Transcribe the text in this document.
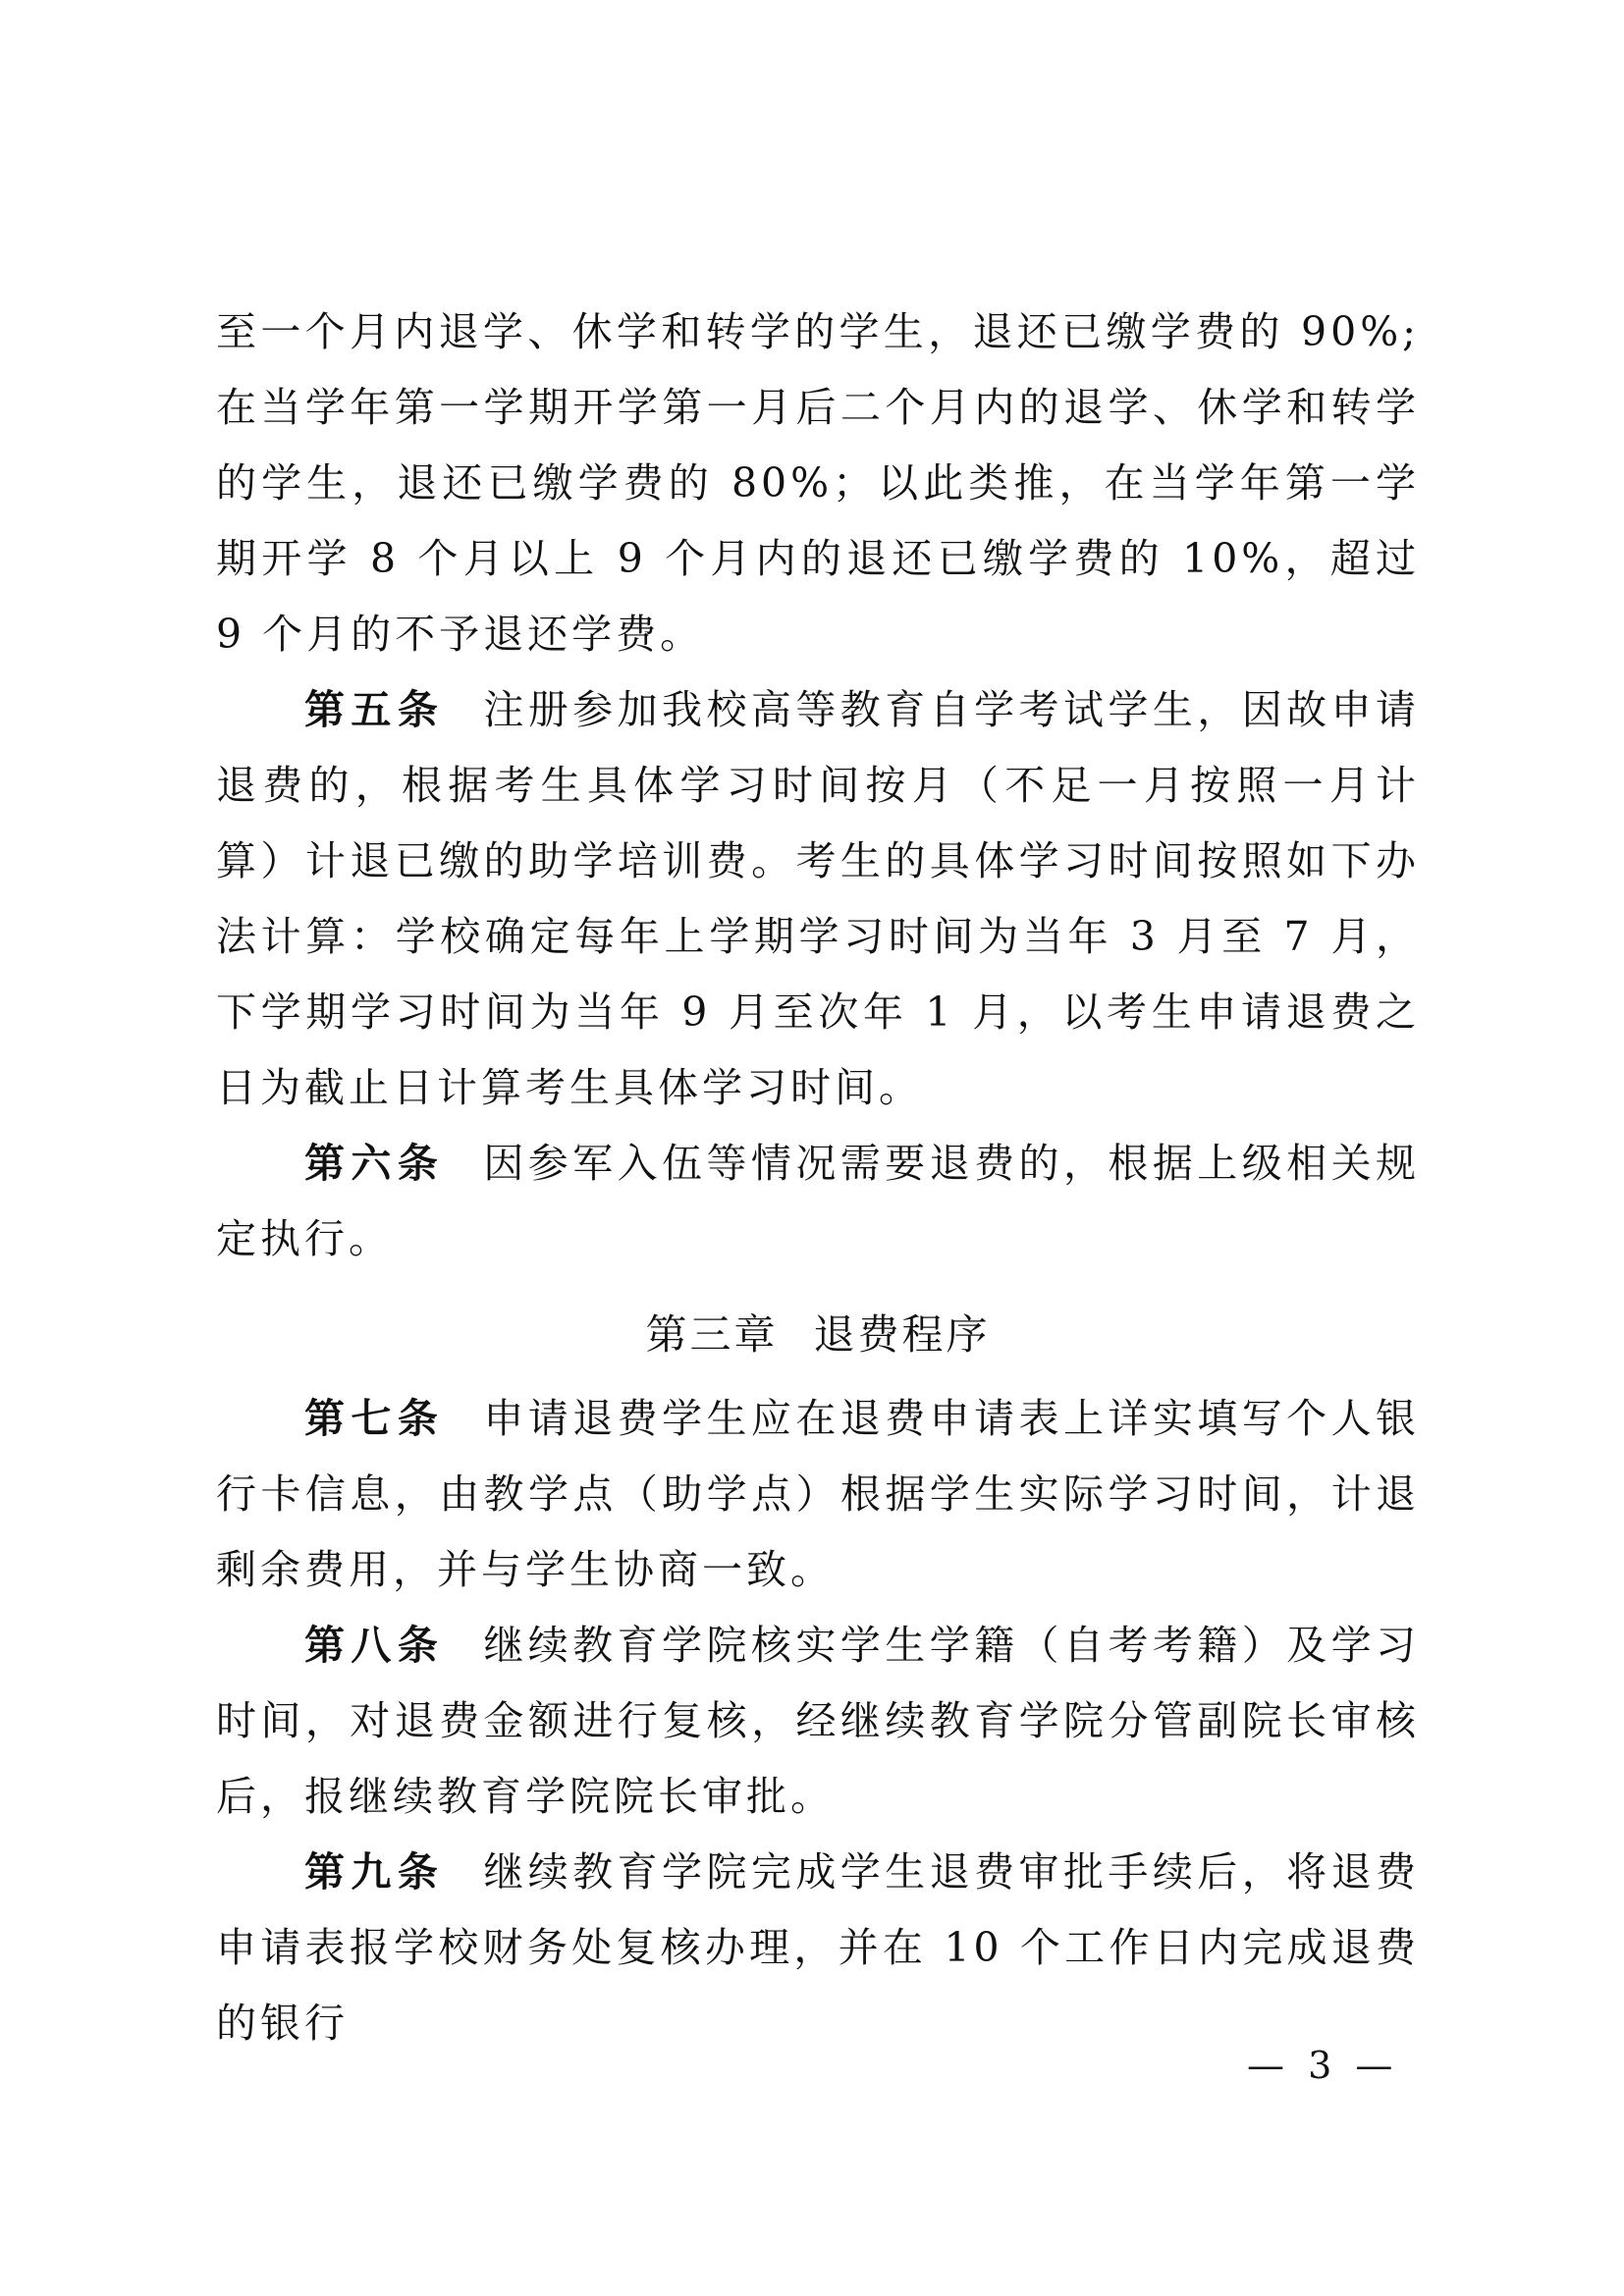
至一个月内退学、休学和转学的学生，退还已缴学费的 90%; 在当学年第一学期开学第一月后二个月内的退学、休学和转学的学生，退还已缴学费的 80%；以此类推，在当学年第一学期开学 8 个月以上 9 个月内的退还已缴学费的 10%，超过 9 个月的不予退还学费。

第五条 注册参加我校高等教育自学考试学生，因故申请退费的，根据考生具体学习时间按月（不足一月按照一月计算）计退已缴的助学培训费。考生的具体学习时间按照如下办法计算：学校确定每年上学期学习时间为当年 3 月至 7 月，下学期学习时间为当年 9 月至次年 1 月，以考生申请退费之日为截止日计算考生具体学习时间。

第六条 因参军入伍等情况需要退费的，根据上级相关规定执行。

第三章 退费程序

第七条 申请退费学生应在退费申请表上详实填写个人银行卡信息，由教学点（助学点）根据学生实际学习时间，计退剩余费用，并与学生协商一致。

第八条 继续教育学院核实学生学籍（自考考籍）及学习时间，对退费金额进行复核，经继续教育学院分管副院长审核后，报继续教育学院院长审批。

第九条 继续教育学院完成学生退费审批手续后，将退费申请表报学校财务处复核办理，并在 10 个工作日内完成退费的银行

— 3 —
